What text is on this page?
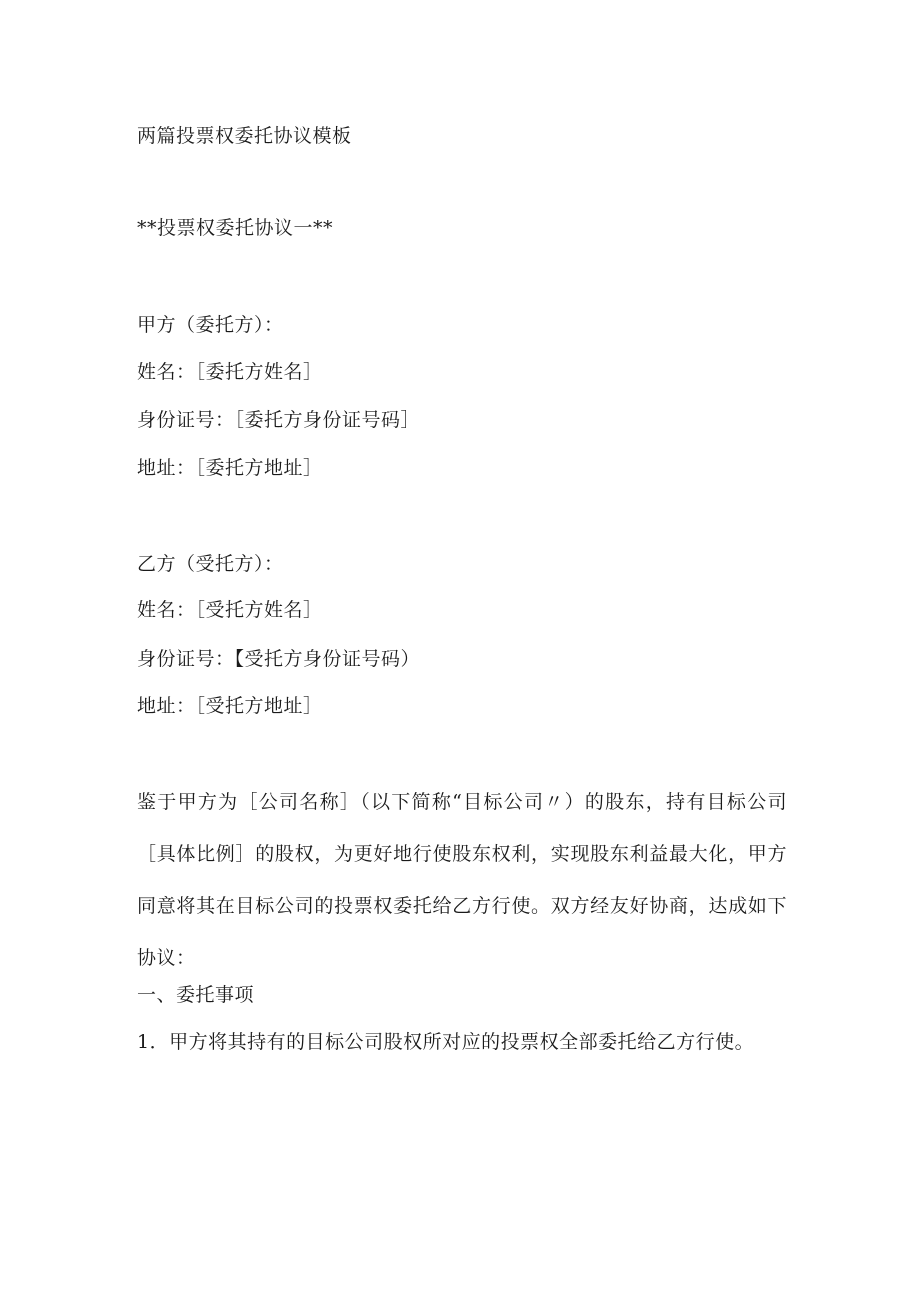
两篇投票权委托协议模板
**投票权委托协议一**
甲方（委托方）：
姓名：［委托方姓名］
身份证号：［委托方身份证号码］
地址：［委托方地址］
乙方（受托方）：
姓名：［受托方姓名］
身份证号：【受托方身份证号码）
地址：［受托方地址］
鉴于甲方为［公司名称］（以下简称“目标公司〃）的股东，持有目标公司［具体比例］的股权，为更好地行使股东权利，实现股东利益最大化，甲方同意将其在目标公司的投票权委托给乙方行使。双方经友好协商，达成如下协议：
一、委托事项
1．甲方将其持有的目标公司股权所对应的投票权全部委托给乙方行使。
